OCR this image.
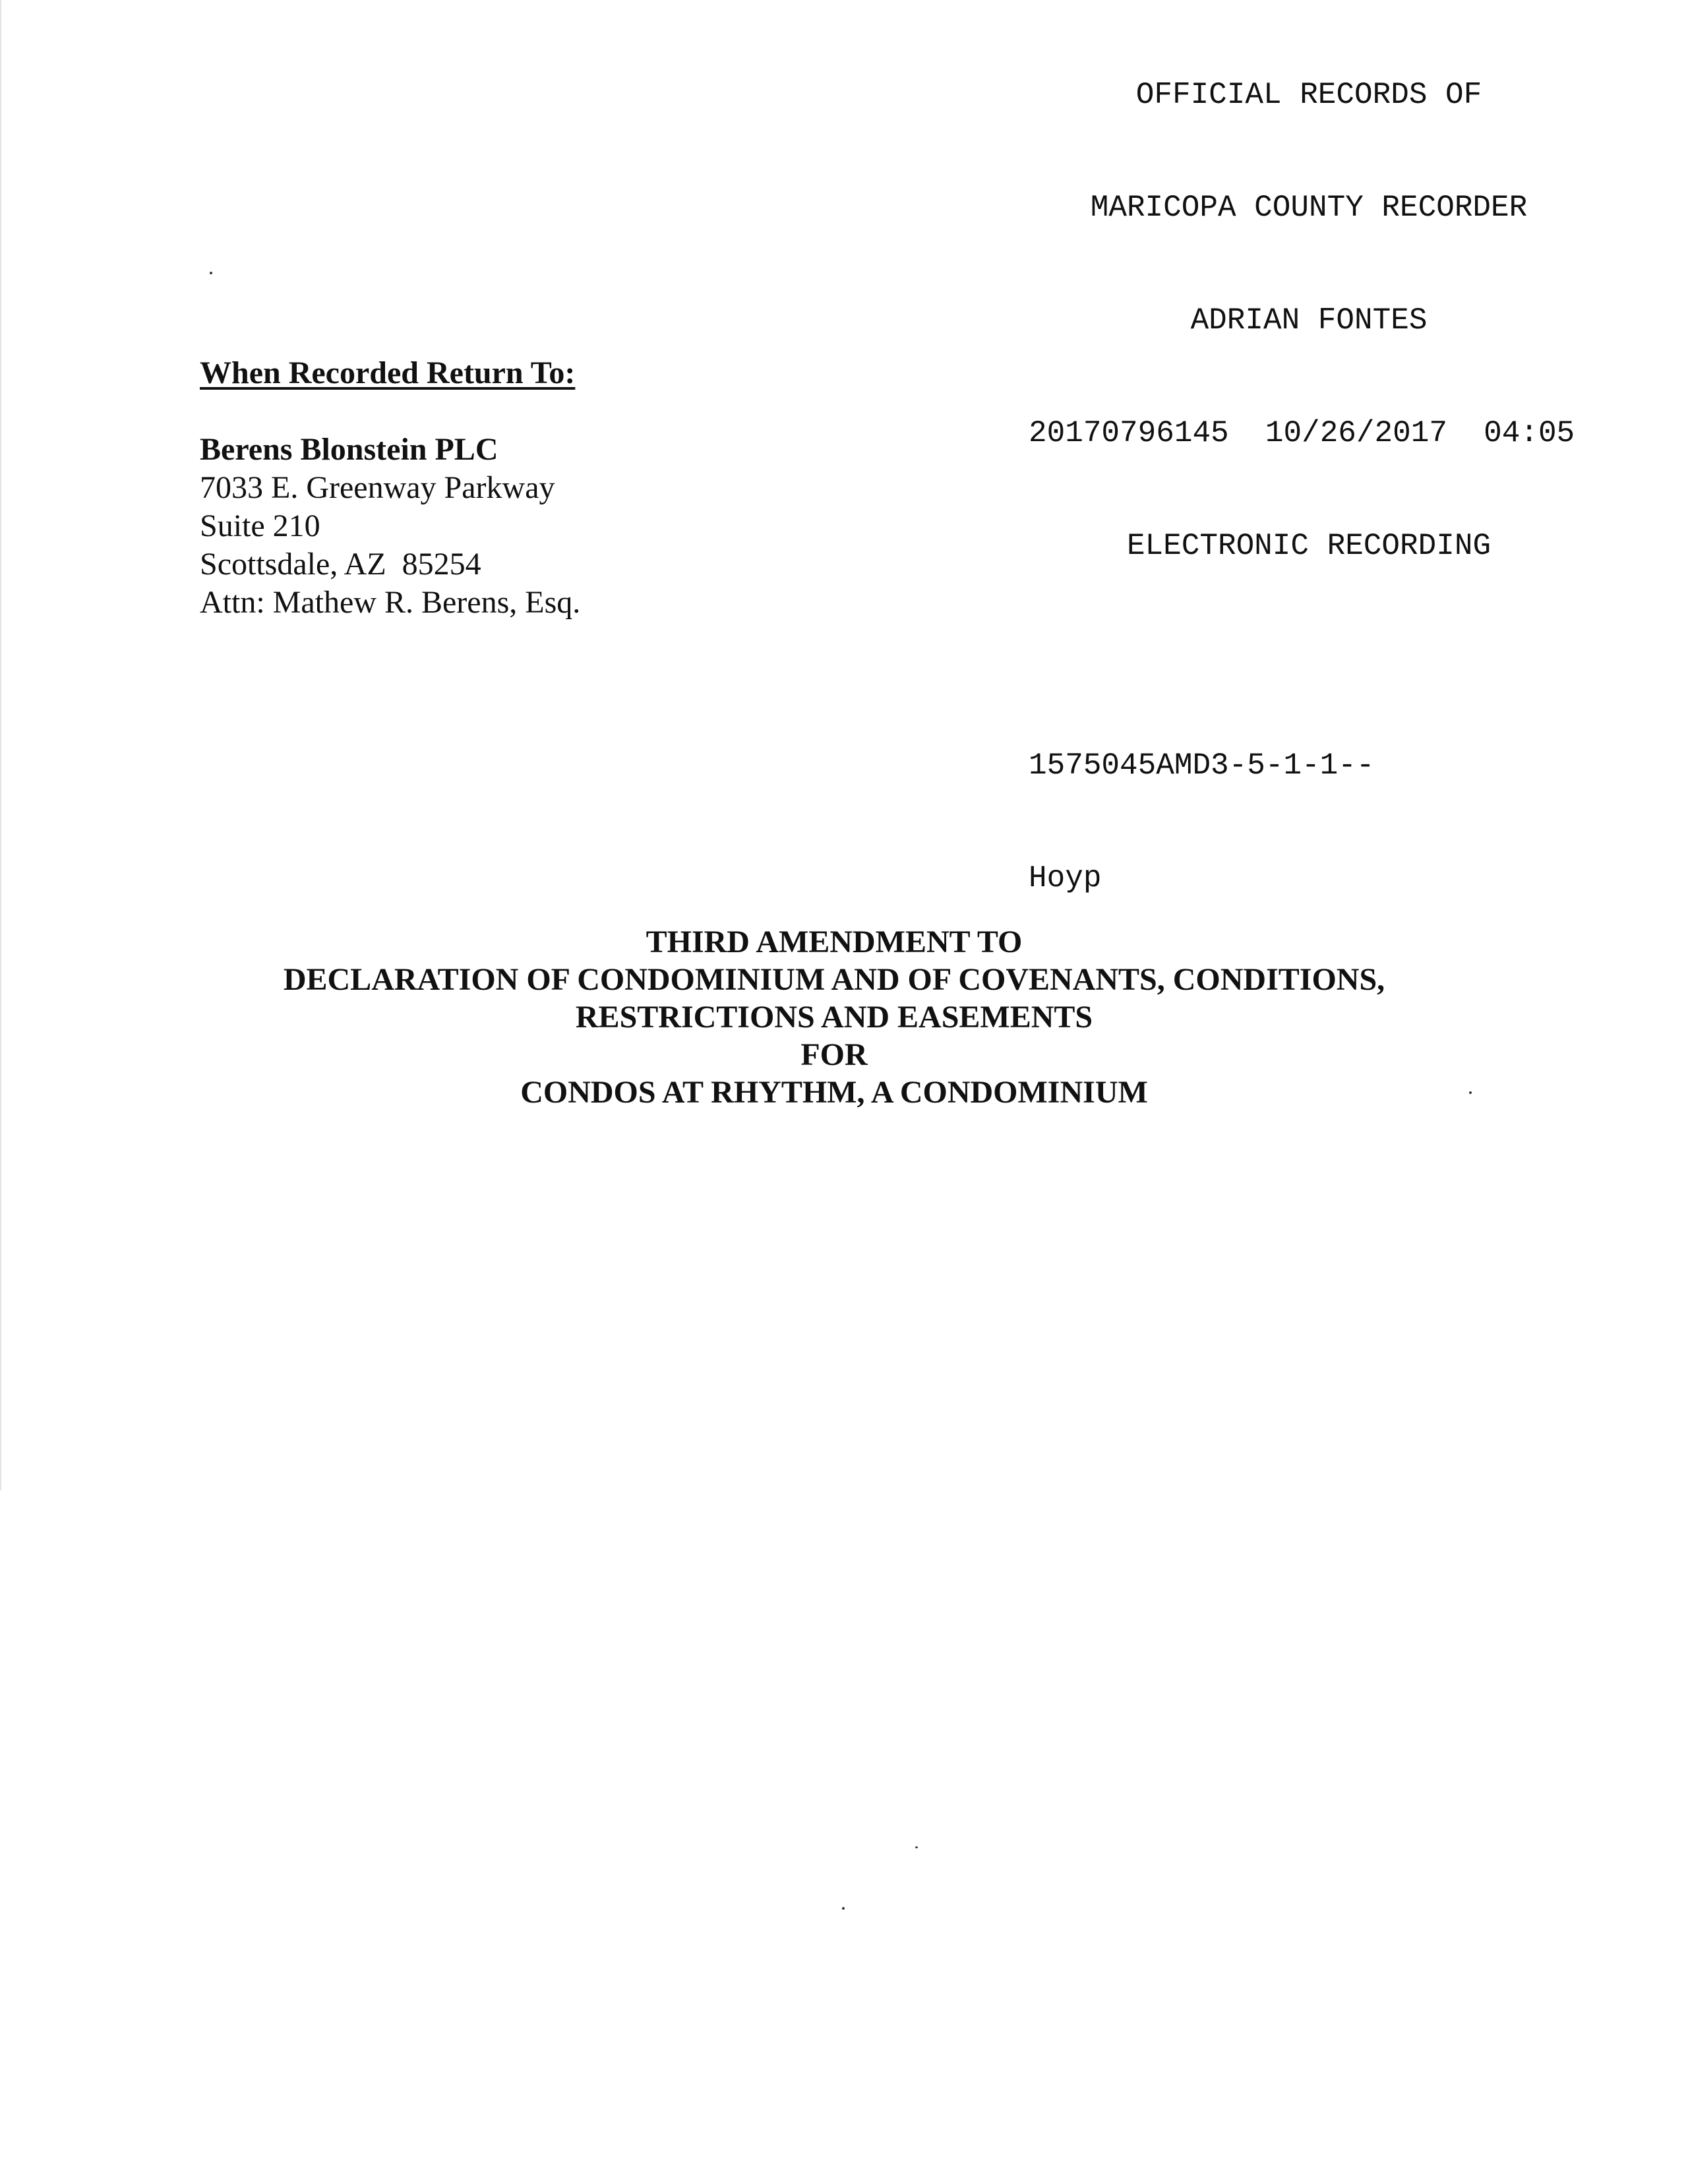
OFFICIAL RECORDS OF

MARICOPA COUNTY RECORDER

ADRIAN FONTES

20170796145 10/26/2017 04:05

ELECTRONIC RECORDING

1575045AMD3-5-1-1--

Hoyp

When Recorded Return To:
Berens Blonstein PLC
7033 E. Greenway Parkway
Suite 210
Scottsdale, AZ  85254
Attn: Mathew R. Berens, Esq.
THIRD AMENDMENT TO
DECLARATION OF CONDOMINIUM AND OF COVENANTS, CONDITIONS,
RESTRICTIONS AND EASEMENTS
FOR
CONDOS AT RHYTHM, A CONDOMINIUM
